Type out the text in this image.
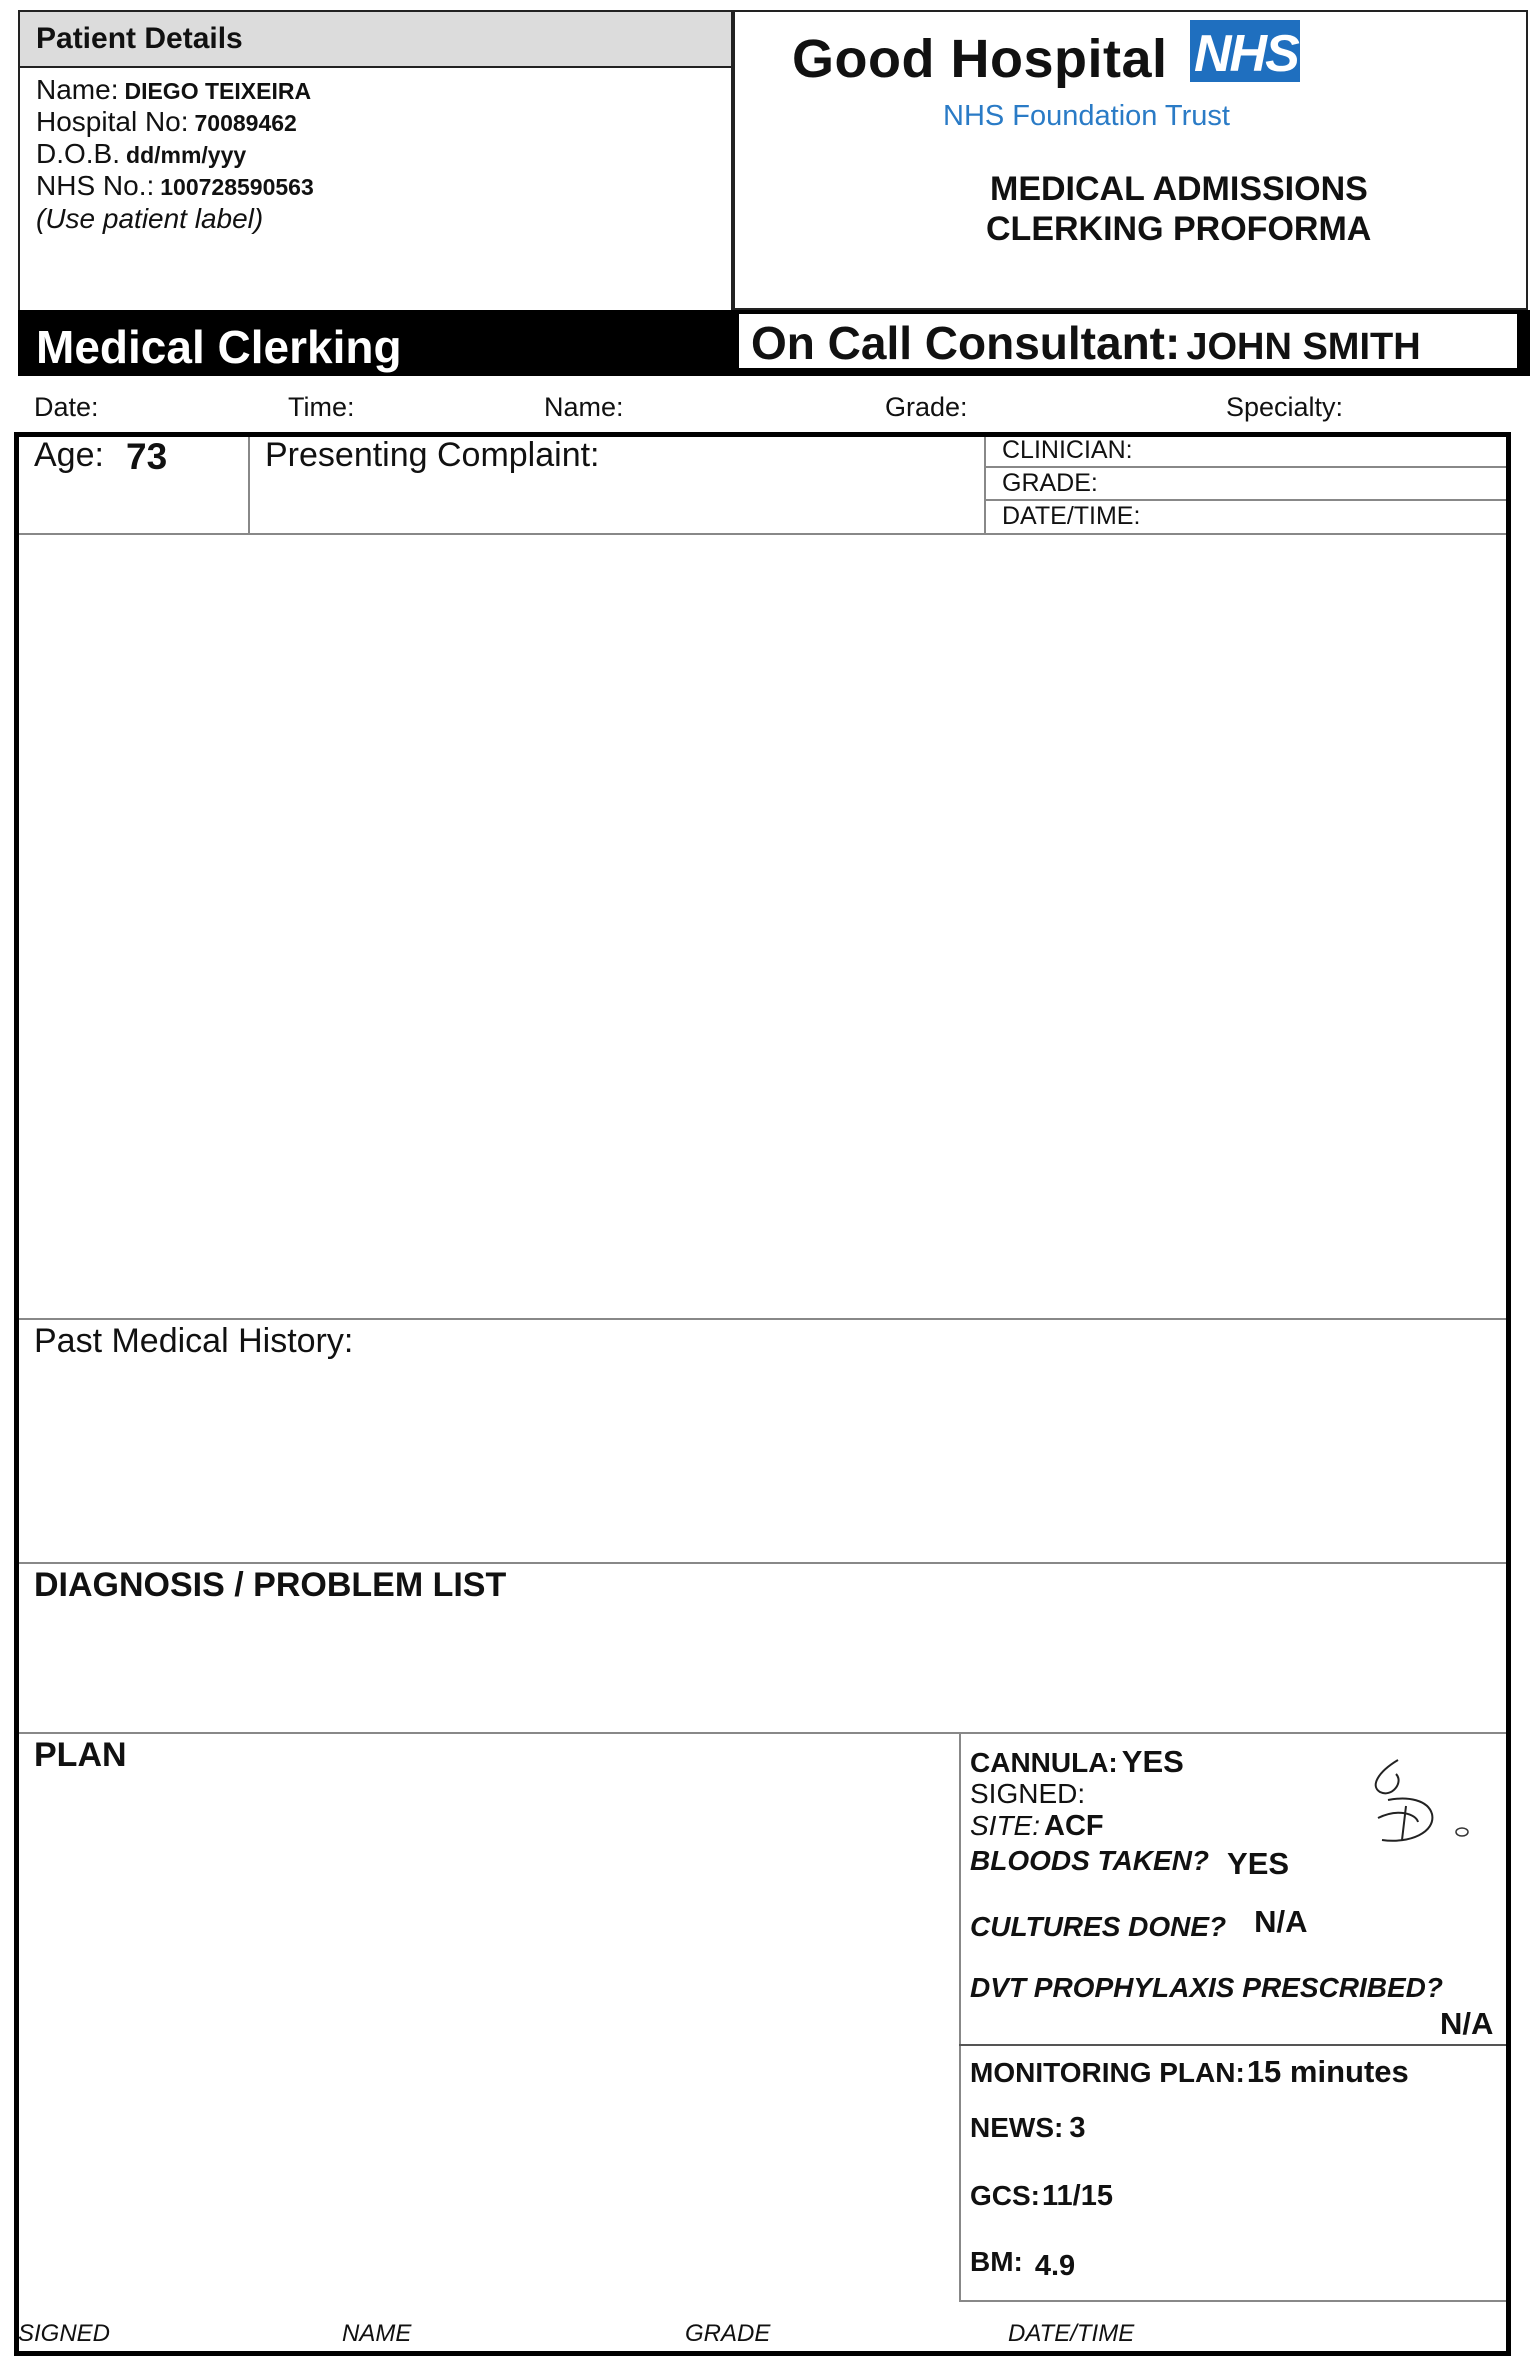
Patient Details
Name: DIEGO TEIXEIRA
Hospital No: 70089462
D.O.B. dd/mm/yyy
NHS No.: 100728590563
(Use patient label)
Good Hospital NHS
NHS Foundation Trust
MEDICAL ADMISSIONS
CLERKING PROFORMA
Medical Clerking	On Call Consultant: JOHN SMITH
Date:	Time:	Name:	Grade:	Specialty:
Age: 73	Presenting Complaint:	CLINICIAN:
GRADE:
DATE/TIME:
Past Medical History:
DIAGNOSIS / PROBLEM LIST
PLAN	CANNULA: YES
SIGNED:
SITE: ACF
BLOODS TAKEN? YES
CULTURES DONE? N/A
DVT PROPHYLAXIS PRESCRIBED?
N/A
MONITORING PLAN:15 minutes
NEWS: 3
GCS:11/15
BM: 4.9
SIGNED	NAME	GRADE	DATE/TIME
